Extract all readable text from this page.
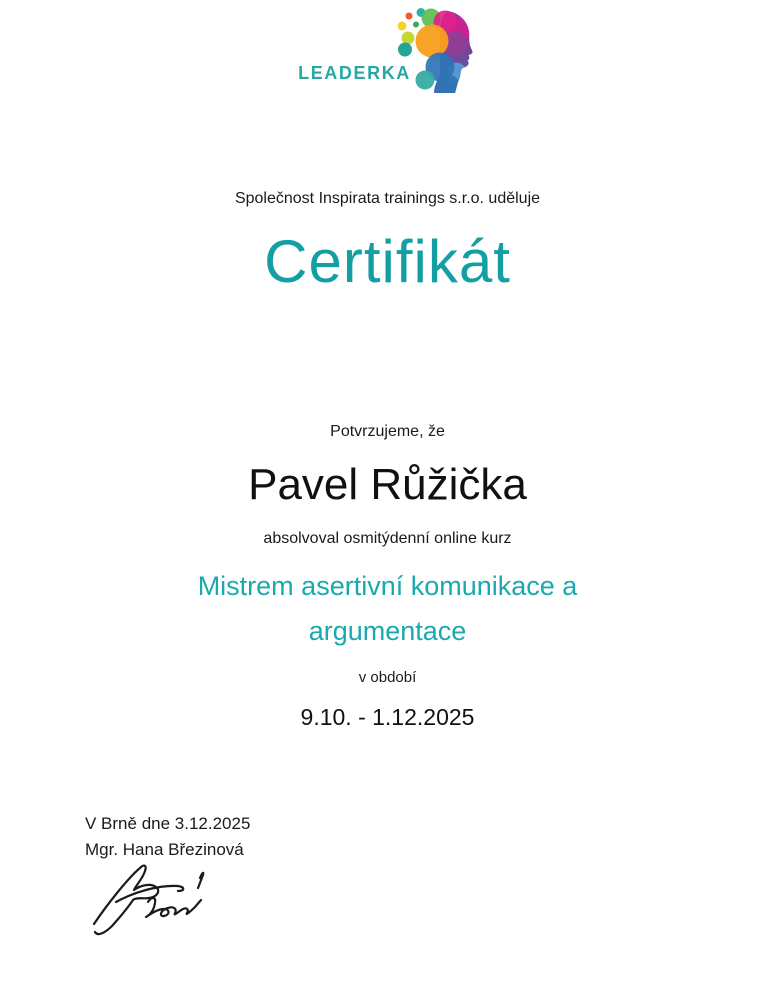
LEADERKA
Společnost Inspirata trainings s.r.o. uděluje
Certifikát
Potvrzujeme, že
Pavel Růžička
absolvoval osmitýdenní online kurz
Mistrem asertivní komunikace a argumentace
v období
9.10. - 1.12.2025
V Brně dne 3.12.2025
Mgr. Hana Březinová
